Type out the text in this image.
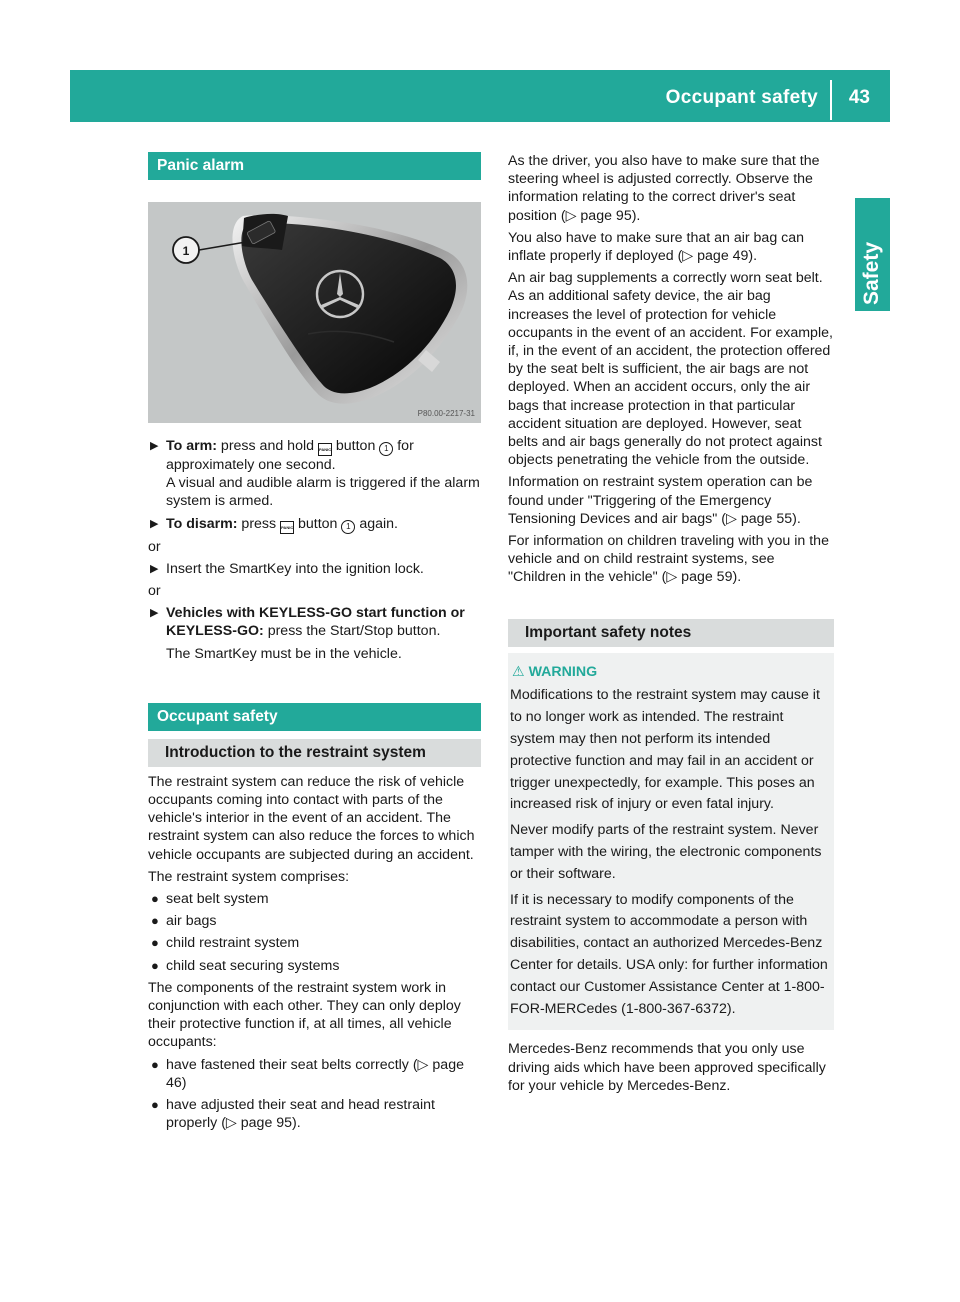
Occupant safety 43
Safety
Panic alarm
1
P80.00-2217-31
▶ To arm: press and hold PANIC button 1 for approximately one second.
A visual and audible alarm is triggered if the alarm system is armed.
▶ To disarm: press PANIC button 1 again.

or

▶ Insert the SmartKey into the ignition lock.

or

▶ Vehicles with KEYLESS-GO start function or KEYLESS-GO: press the Start/Stop button.
The SmartKey must be in the vehicle.
Occupant safety
Introduction to the restraint system

The restraint system can reduce the risk of vehicle occupants coming into contact with parts of the vehicle's interior in the event of an accident. The restraint system can also reduce the forces to which vehicle occupants are subjected during an accident.

The restraint system comprises:

● seat belt system
● air bags
● child restraint system
● child seat securing systems

The components of the restraint system work in conjunction with each other. They can only deploy their protective function if, at all times, all vehicle occupants:

● have fastened their seat belts correctly (▷ page 46)
● have adjusted their seat and head restraint properly (▷ page 95).

As the driver, you also have to make sure that the steering wheel is adjusted correctly. Observe the information relating to the correct driver's seat position (▷ page 95).

You also have to make sure that an air bag can inflate properly if deployed (▷ page 49).

An air bag supplements a correctly worn seat belt. As an additional safety device, the air bag increases the level of protection for vehicle occupants in the event of an accident. For example, if, in the event of an accident, the protection offered by the seat belt is sufficient, the air bags are not deployed. When an accident occurs, only the air bags that increase protection in that particular accident situation are deployed. However, seat belts and air bags generally do not protect against objects penetrating the vehicle from the outside.

Information on restraint system operation can be found under "Triggering of the Emergency Tensioning Devices and air bags" (▷ page 55).

For information on children traveling with you in the vehicle and on child restraint systems, see "Children in the vehicle" (▷ page 59).

Important safety notes
⚠ WARNING

Modifications to the restraint system may cause it to no longer work as intended. The restraint system may then not perform its intended protective function and may fail in an accident or trigger unexpectedly, for example. This poses an increased risk of injury or even fatal injury.

Never modify parts of the restraint system. Never tamper with the wiring, the electronic components or their software.

If it is necessary to modify components of the restraint system to accommodate a person with disabilities, contact an authorized Mercedes-Benz Center for details. USA only: for further information contact our Customer Assistance Center at 1-800-FOR-MERCedes (1-800-367-6372).

Mercedes-Benz recommends that you only use driving aids which have been approved specifically for your vehicle by Mercedes-Benz.
